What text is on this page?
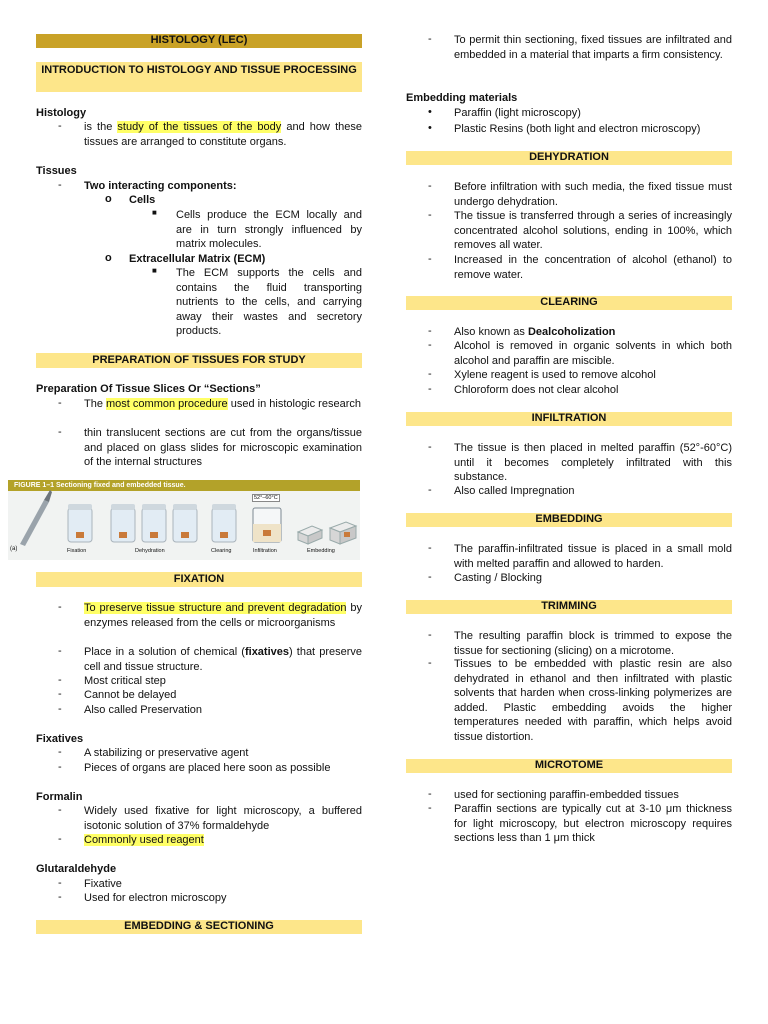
HISTOLOGY (LEC)
INTRODUCTION TO HISTOLOGY AND TISSUE PROCESSING
Histology
-	is the study of the tissues of the body and how these tissues are arranged to constitute organs.
Tissues
-	Two interacting components:
o	Cells
■	Cells produce the ECM locally and are in turn strongly influenced by matrix molecules.
o	Extracellular Matrix (ECM)
■	The ECM supports the cells and contains the fluid transporting nutrients to the cells, and carrying away their wastes and secretory products.
PREPARATION OF TISSUES FOR STUDY
Preparation Of Tissue Slices Or “Sections”
-	The most common procedure used in histologic research
-	thin translucent sections are cut from the organs/tissue and placed on glass slides for microscopic examination of the internal structures
FIGURE 1–1 Sectioning fixed and embedded tissue.
52°–60°C
(a)	Fixation	Dehydration	Clearing	Infiltration	Embedding
FIXATION
-	To preserve tissue structure and prevent degradation by enzymes released from the cells or microorganisms
-	Place in a solution of chemical (fixatives) that preserve cell and tissue structure.
-	Most critical step
-	Cannot be delayed
-	Also called Preservation
Fixatives
-	A stabilizing or preservative agent
-	Pieces of organs are placed here soon as possible
Formalin
-	Widely used fixative for light microscopy, a buffered isotonic solution of 37% formaldehyde
-	Commonly used reagent
Glutaraldehyde
-	Fixative
-	Used for electron microscopy
EMBEDDING & SECTIONING
-	To permit thin sectioning, fixed tissues are infiltrated and embedded in a material that imparts a firm consistency.
Embedding materials
•	Paraffin (light microscopy)
•	Plastic Resins (both light and electron microscopy)
DEHYDRATION
-	Before infiltration with such media, the fixed tissue must undergo dehydration.
-	The tissue is transferred through a series of increasingly concentrated alcohol solutions, ending in 100%, which removes all water.
-	Increased in the concentration of alcohol (ethanol) to remove water.
CLEARING
-	Also known as Dealcoholization
-	Alcohol is removed in organic solvents in which both alcohol and paraffin are miscible.
-	Xylene reagent is used to remove alcohol
-	Chloroform does not clear alcohol
INFILTRATION
-	The tissue is then placed in melted paraffin (52°-60°C) until it becomes completely infiltrated with this substance.
-	Also called Impregnation
EMBEDDING
-	The paraffin-infiltrated tissue is placed in a small mold with melted paraffin and allowed to harden.
-	Casting / Blocking
TRIMMING
-	The resulting paraffin block is trimmed to expose the tissue for sectioning (slicing) on a microtome.
-	Tissues to be embedded with plastic resin are also dehydrated in ethanol and then infiltrated with plastic solvents that harden when cross-linking polymerizes are added. Plastic embedding avoids the higher temperatures needed with paraffin, which helps avoid tissue distortion.
MICROTOME
-	used for sectioning paraffin-embedded tissues
-	Paraffin sections are typically cut at 3-10 μm thickness for light microscopy, but electron microscopy requires sections less than 1 μm thick
